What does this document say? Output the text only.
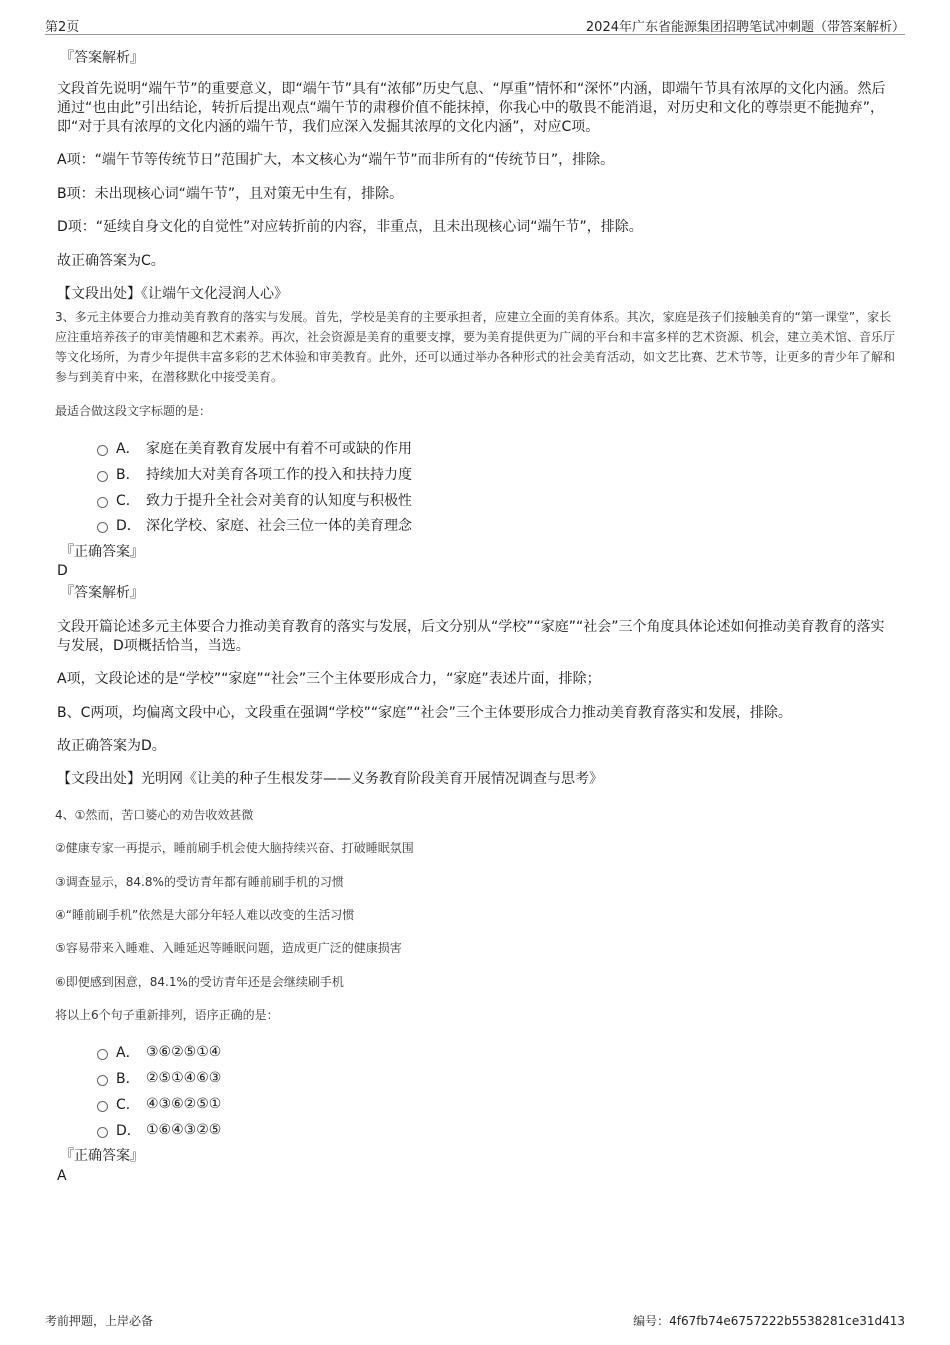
第2页	2024年广东省能源集团招聘笔试冲刺题（带答案解析）
『答案解析』
文段首先说明“端午节”的重要意义，即“端午节”具有“浓郁”历史气息、“厚重”情怀和“深怀”内涵，即端午节具有浓厚的文化内涵。然后通过“也由此”引出结论，转折后提出观点“端午节的肃穆价值不能抹掉，你我心中的敬畏不能消退，对历史和文化的尊崇更不能抛弃”，即“对于具有浓厚的文化内涵的端午节，我们应深入发掘其浓厚的文化内涵”，对应C项。
A项：“端午节等传统节日”范围扩大，本文核心为“端午节”而非所有的“传统节日”，排除。
B项：未出现核心词“端午节”，且对策无中生有，排除。
D项：“延续自身文化的自觉性”对应转折前的内容，非重点，且未出现核心词“端午节”，排除。
故正确答案为C。
【文段出处】《让端午文化浸润人心》
3、多元主体要合力推动美育教育的落实与发展。首先，学校是美育的主要承担者，应建立全面的美育体系。其次，家庭是孩子们接触美育的“第一课堂”，家长应注重培养孩子的审美情趣和艺术素养。再次，社会资源是美育的重要支撑，要为美育提供更为广阔的平台和丰富多样的艺术资源、机会，建立美术馆、音乐厅等文化场所，为青少年提供丰富多彩的艺术体验和审美教育。此外，还可以通过举办各种形式的社会美育活动，如文艺比赛、艺术节等，让更多的青少年了解和参与到美育中来，在潜移默化中接受美育。
最适合做这段文字标题的是：
A． 家庭在美育教育发展中有着不可或缺的作用
B． 持续加大对美育各项工作的投入和扶持力度
C． 致力于提升全社会对美育的认知度与积极性
D． 深化学校、家庭、社会三位一体的美育理念
『正确答案』
D
『答案解析』
文段开篇论述多元主体要合力推动美育教育的落实与发展，后文分别从“学校”“家庭”“社会”三个角度具体论述如何推动美育教育的落实与发展，D项概括恰当，当选。
A项，文段论述的是“学校”“家庭”“社会”三个主体要形成合力，“家庭”表述片面，排除；
B、C两项，均偏离文段中心，文段重在强调“学校”“家庭”“社会”三个主体要形成合力推动美育教育落实和发展，排除。
故正确答案为D。
【文段出处】光明网《让美的种子生根发芽——义务教育阶段美育开展情况调查与思考》
4、①然而，苦口婆心的劝告收效甚微
②健康专家一再提示，睡前刷手机会使大脑持续兴奋、打破睡眠氛围
③调查显示，84.8%的受访青年都有睡前刷手机的习惯
④“睡前刷手机”依然是大部分年轻人难以改变的生活习惯
⑤容易带来入睡难、入睡延迟等睡眠问题，造成更广泛的健康损害
⑥即便感到困意，84.1%的受访青年还是会继续刷手机
将以上6个句子重新排列，语序正确的是：
A． ③⑥②⑤①④
B． ②⑤①④⑥③
C． ④③⑥②⑤①
D． ①⑥④③②⑤
『正确答案』
A
考前押题，上岸必备	编号：4f67fb74e6757222b5538281ce31d413
